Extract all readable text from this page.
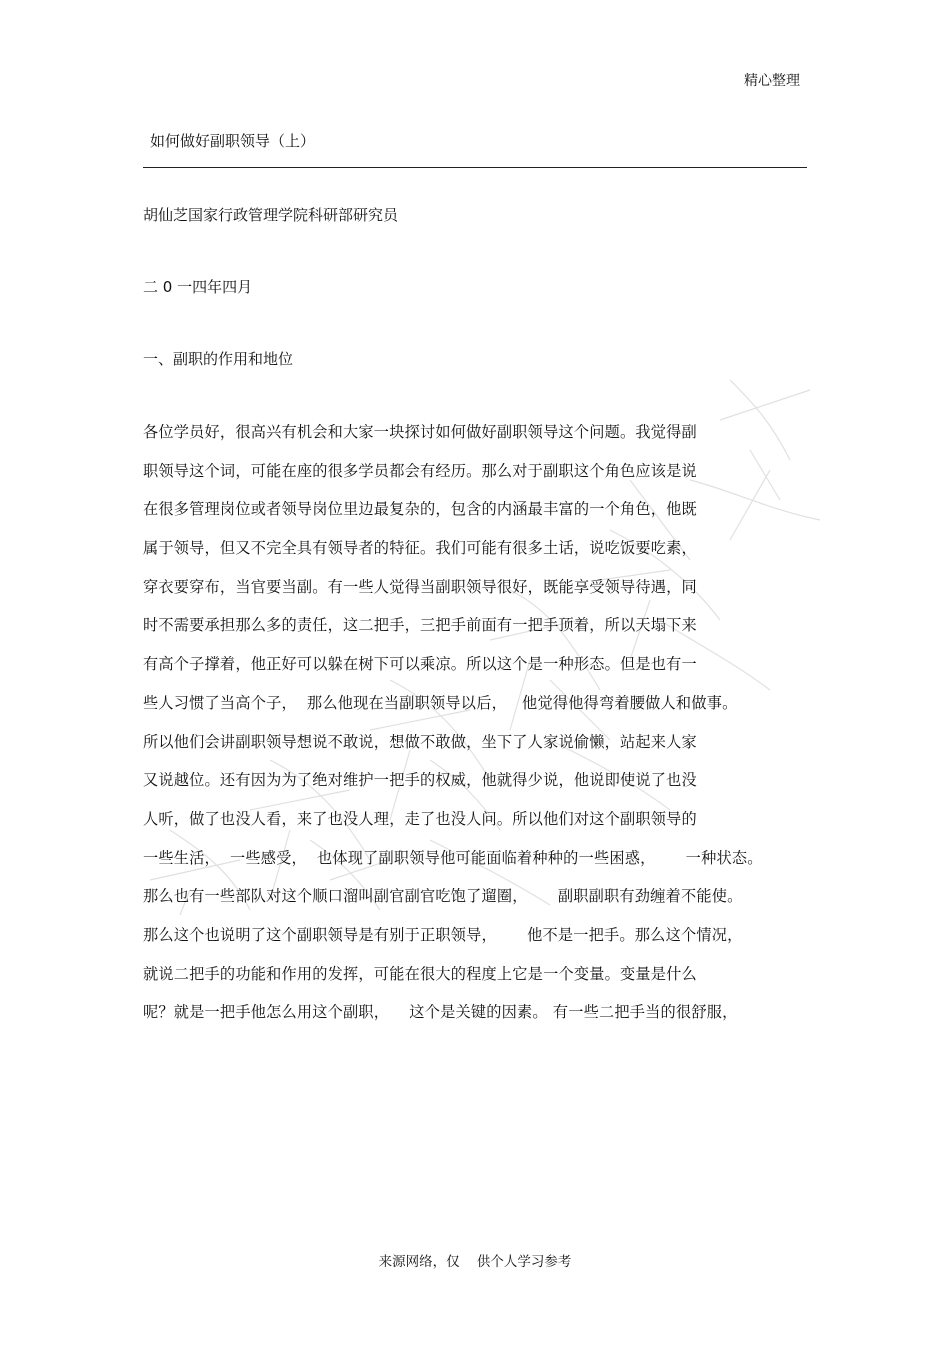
精心整理
如何做好副职领导（上）
胡仙芝国家行政管理学院科研部研究员
二 0 一四年四月
一、副职的作用和地位
各位学员好，很高兴有机会和大家一块探讨如何做好副职领导这个问题。我觉得副
职领导这个词，可能在座的很多学员都会有经历。那么对于副职这个角色应该是说
在很多管理岗位或者领导岗位里边最复杂的，包含的内涵最丰富的一个角色，他既
属于领导，但又不完全具有领导者的特征。我们可能有很多土话，说吃饭要吃素，
穿衣要穿布，当官要当副。有一些人觉得当副职领导很好，既能享受领导待遇，同
时不需要承担那么多的责任，这二把手，三把手前面有一把手顶着，所以天塌下来
有高个子撑着，他正好可以躲在树下可以乘凉。所以这个是一种形态。但是也有一
些人习惯了当高个子，  那么他现在当副职领导以后，   他觉得他得弯着腰做人和做事。
所以他们会讲副职领导想说不敢说，想做不敢做，坐下了人家说偷懒，站起来人家
又说越位。还有因为为了绝对维护一把手的权威，他就得少说，他说即使说了也没
人听，做了也没人看，来了也没人理，走了也没人问。所以他们对这个副职领导的
一些生活，  一些感受，  也体现了副职领导他可能面临着种种的一些困惑，      一种状态。
那么也有一些部队对这个顺口溜叫副官副官吃饱了遛圈，      副职副职有劲缠着不能使。
那么这个也说明了这个副职领导是有别于正职领导，      他不是一把手。那么这个情况，
就说二把手的功能和作用的发挥，可能在很大的程度上它是一个变量。变量是什么
呢？就是一把手他怎么用这个副职，    这个是关键的因素。 有一些二把手当的很舒服，
来源网络，仅    供个人学习参考
